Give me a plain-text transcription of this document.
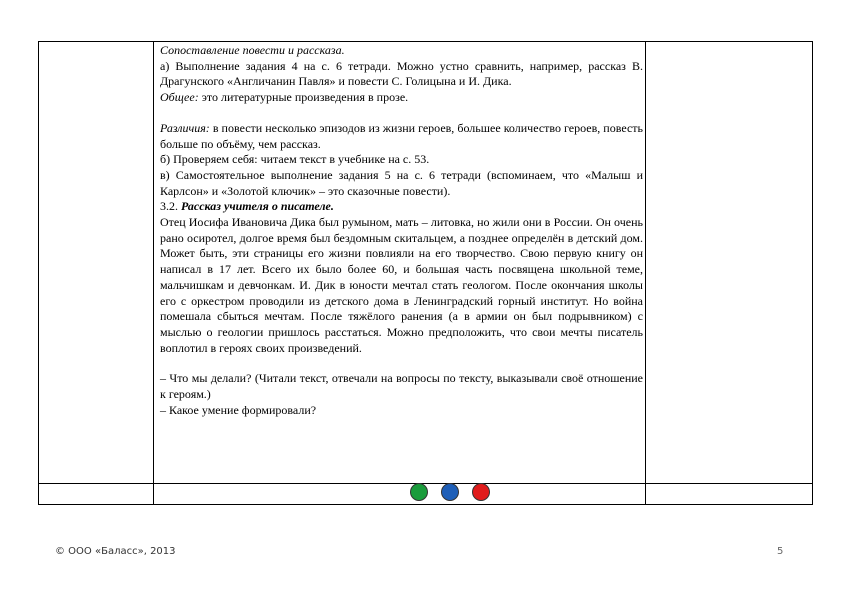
Сопоставление повести и рассказа.

а) Выполнение задания 4 на с. 6 тетради. Можно устно сравнить, например, рассказ В. Драгунского «Англичанин Павля» и повести С. Голицына и И. Дика.

Общее: это литературные произведения в прозе.

Различия: в повести несколько эпизодов из жизни героев, большее количество героев, повесть больше по объёму, чем рассказ.

б) Проверяем себя: читаем текст в учебнике на с. 53.

в) Самостоятельное выполнение задания 5 на с. 6 тетради (вспоминаем, что «Малыш и Карлсон» и «Золотой ключик» – это сказочные повести).

3.2. Рассказ учителя о писателе.

Отец Иосифа Ивановича Дика был румыном, мать – литовка, но жили они в России. Он очень рано осиротел, долгое время был бездомным скитальцем, а позднее определён в детский дом. Может быть, эти страницы его жизни повлияли на его творчество. Свою первую книгу он написал в 17 лет. Всего их было более 60, и большая часть посвящена школьной теме, мальчишкам и девчонкам. И. Дик в юности мечтал стать геологом. После окончания школы его с оркестром проводили из детского дома в Ленинградский горный институт. Но война помешала сбыться мечтам. После тяжёлого ранения (а в армии он был подрывником) с мыслью о геологии пришлось расстаться. Можно предположить, что свои мечты писатель воплотил в героях своих произведений.

– Что мы делали? (Читали текст, отвечали на вопросы по тексту, выказывали своё отношение к героям.)

– Какое умение формировали?

© ООО «Баласс», 2013	5
